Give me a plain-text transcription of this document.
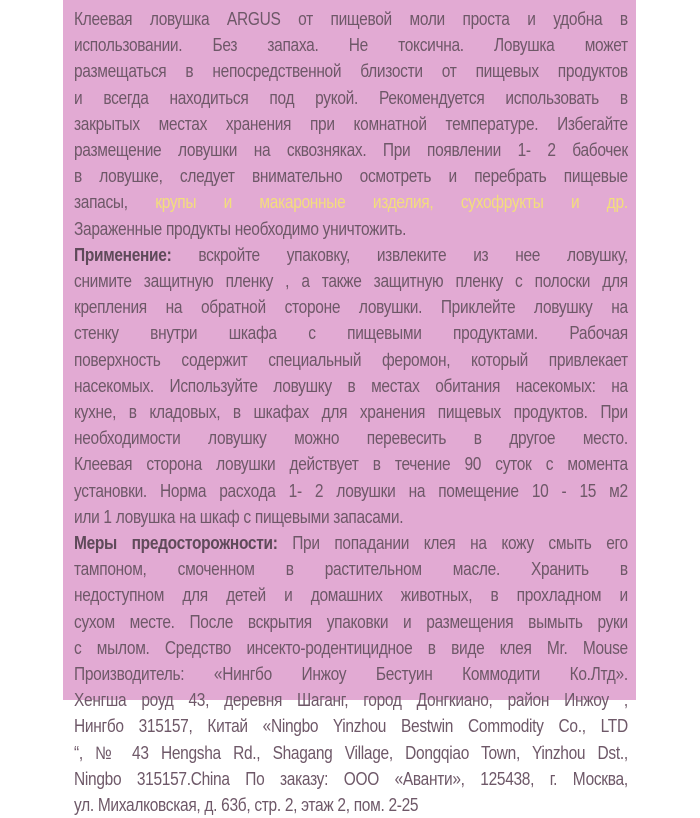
Клеевая ловушка ARGUS от пищевой моли проста и удобна в
использовании. Без запаха. Не токсична. Ловушка может
размещаться в непосредственной близости от пищевых продуктов
и всегда находиться под рукой. Рекомендуется использовать в
закрытых местах хранения при комнатной температуре. Избегайте
размещение ловушки на сквозняках. При появлении 1- 2 бабочек
в ловушке, следует внимательно осмотреть и перебрать пищевые
запасы, крупы и макаронные изделия, сухофрукты и др.
Зараженные продукты необходимо уничтожить.

Применение: вскройте упаковку, извлеките из нее ловушку,
снимите защитную пленку , а также защитную пленку с полоски для
крепления на обратной стороне ловушки. Приклейте ловушку на
стенку внутри шкафа с пищевыми продуктами. Рабочая
поверхность содержит специальный феромон, который привлекает
насекомых. Используйте ловушку в местах обитания насекомых: на
кухне, в кладовых, в шкафах для хранения пищевых продуктов. При
необходимости ловушку можно перевесить в другое место.
Клеевая сторона ловушки действует в течение 90 суток с момента
установки. Норма расхода 1- 2 ловушки на помещение 10 - 15 м2
или 1 ловушка на шкаф с пищевыми запасами.

Меры предосторожности: При попадании клея на кожу смыть его
тампоном, смоченном в растительном масле. Хранить в
недоступном для детей и домашних животных, в прохладном и
сухом месте. После вскрытия упаковки и размещения вымыть руки
с мылом. Средство инсекто-родентицидное в виде клея Mr. Mouse
Производитель: «Нингбо Инжоу Бестуин Коммодити Ко.Лтд».
Хенгша роуд 43, деревня Шаганг, город Донгкиано, район Инжоу ,
Нингбо 315157, Китай «Ningbo Yinzhou Bestwin Commodity Co., LTD
“, № 43 Hengsha Rd., Shagang Village, Dongqiao Town, Yinzhou Dst.,
Ningbo 315157.China По заказу: ООО «Аванти», 125438, г. Москва,
ул. Михалковская, д. 63б, стр. 2, этаж 2, пом. 2-25
